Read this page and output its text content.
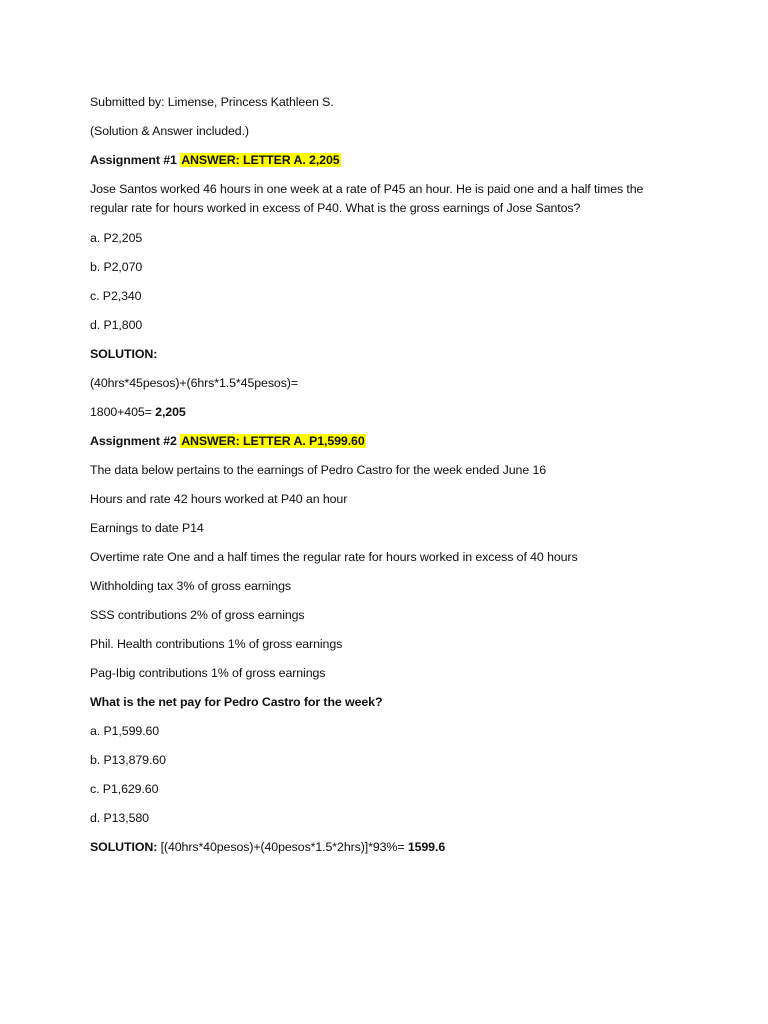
Submitted by: Limense, Princess Kathleen S.
(Solution & Answer included.)
Assignment #1 ANSWER: LETTER A. 2,205
Jose Santos worked 46 hours in one week at a rate of P45 an hour. He is paid one and a half times the regular rate for hours worked in excess of P40. What is the gross earnings of Jose Santos?
a. P2,205
b. P2,070
c. P2,340
d. P1,800
SOLUTION:
(40hrs*45pesos)+(6hrs*1.5*45pesos)=
1800+405= 2,205
Assignment #2 ANSWER: LETTER A. P1,599.60
The data below pertains to the earnings of Pedro Castro for the week ended June 16
Hours and rate 42 hours worked at P40 an hour
Earnings to date P14
Overtime rate One and a half times the regular rate for hours worked in excess of 40 hours
Withholding tax 3% of gross earnings
SSS contributions 2% of gross earnings
Phil. Health contributions 1% of gross earnings
Pag-Ibig contributions 1% of gross earnings
What is the net pay for Pedro Castro for the week?
a. P1,599.60
b. P13,879.60
c. P1,629.60
d. P13,580
SOLUTION: [(40hrs*40pesos)+(40pesos*1.5*2hrs)]*93%= 1599.6
